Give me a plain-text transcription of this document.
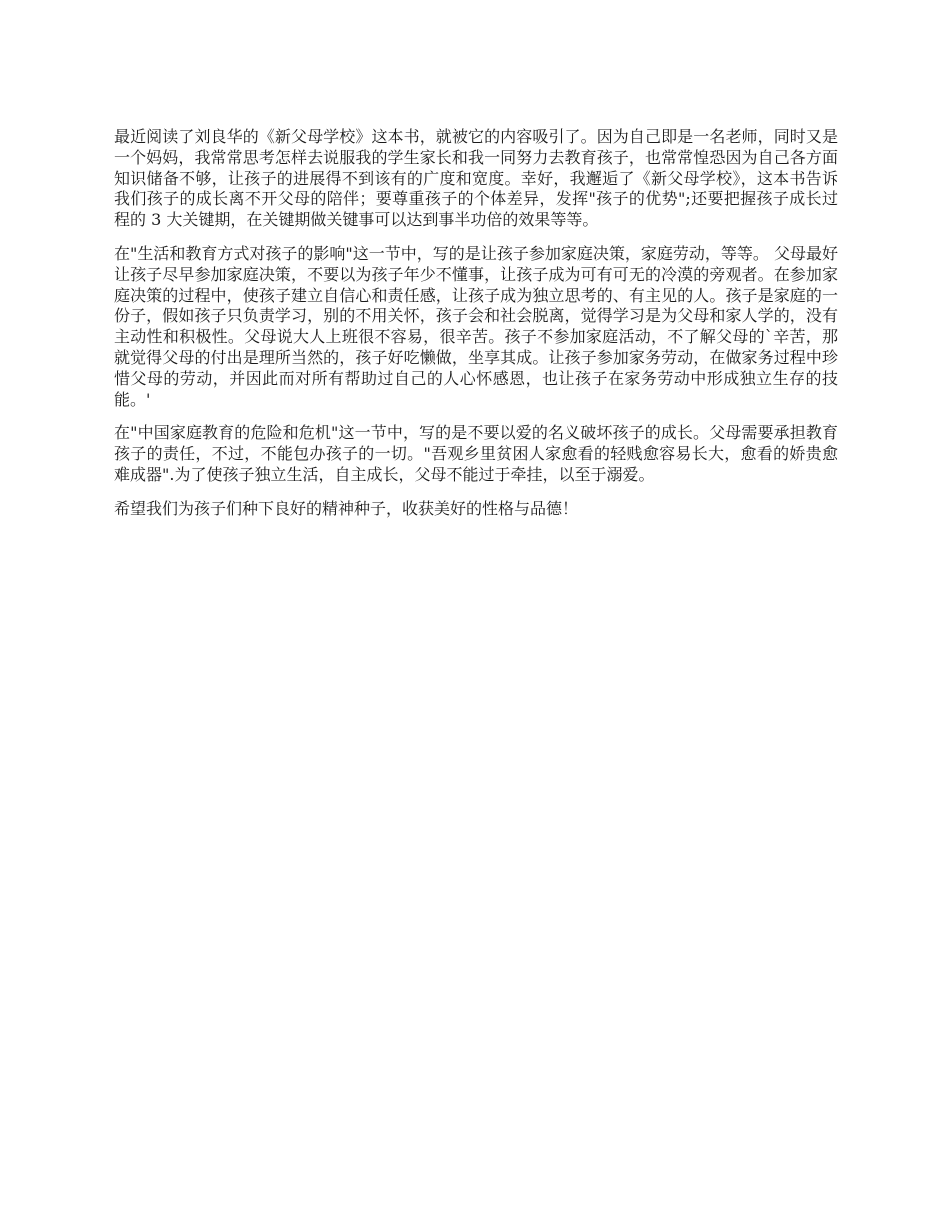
最近阅读了刘良华的《新父母学校》这本书，就被它的内容吸引了。因为自己即是一名老师，同时又是一个妈妈，我常常思考怎样去说服我的学生家长和我一同努力去教育孩子，也常常惶恐因为自己各方面知识储备不够，让孩子的进展得不到该有的广度和宽度。幸好，我邂逅了《新父母学校》，这本书告诉我们孩子的成长离不开父母的陪伴；要尊重孩子的个体差异，发挥"孩子的优势";还要把握孩子成长过程的 3 大关键期，在关键期做关键事可以达到事半功倍的效果等等。

在"生活和教育方式对孩子的影响"这一节中，写的是让孩子参加家庭决策，家庭劳动，等等。 父母最好让孩子尽早参加家庭决策，不要以为孩子年少不懂事，让孩子成为可有可无的冷漠的旁观者。在参加家庭决策的过程中，使孩子建立自信心和责任感，让孩子成为独立思考的、有主见的人。孩子是家庭的一份子，假如孩子只负责学习，别的不用关怀，孩子会和社会脱离，觉得学习是为父母和家人学的，没有主动性和积极性。父母说大人上班很不容易，很辛苦。孩子不参加家庭活动，不了解父母的`辛苦，那就觉得父母的付出是理所当然的，孩子好吃懒做，坐享其成。让孩子参加家务劳动，在做家务过程中珍惜父母的劳动，并因此而对所有帮助过自己的人心怀感恩，也让孩子在家务劳动中形成独立生存的技能。'

在"中国家庭教育的危险和危机"这一节中，写的是不要以爱的名义破坏孩子的成长。父母需要承担教育孩子的责任，不过，不能包办孩子的一切。"吾观乡里贫困人家愈看的轻贱愈容易长大，愈看的娇贵愈难成器".为了使孩子独立生活，自主成长，父母不能过于牵挂，以至于溺爱。

希望我们为孩子们种下良好的精神种子，收获美好的性格与品德！
